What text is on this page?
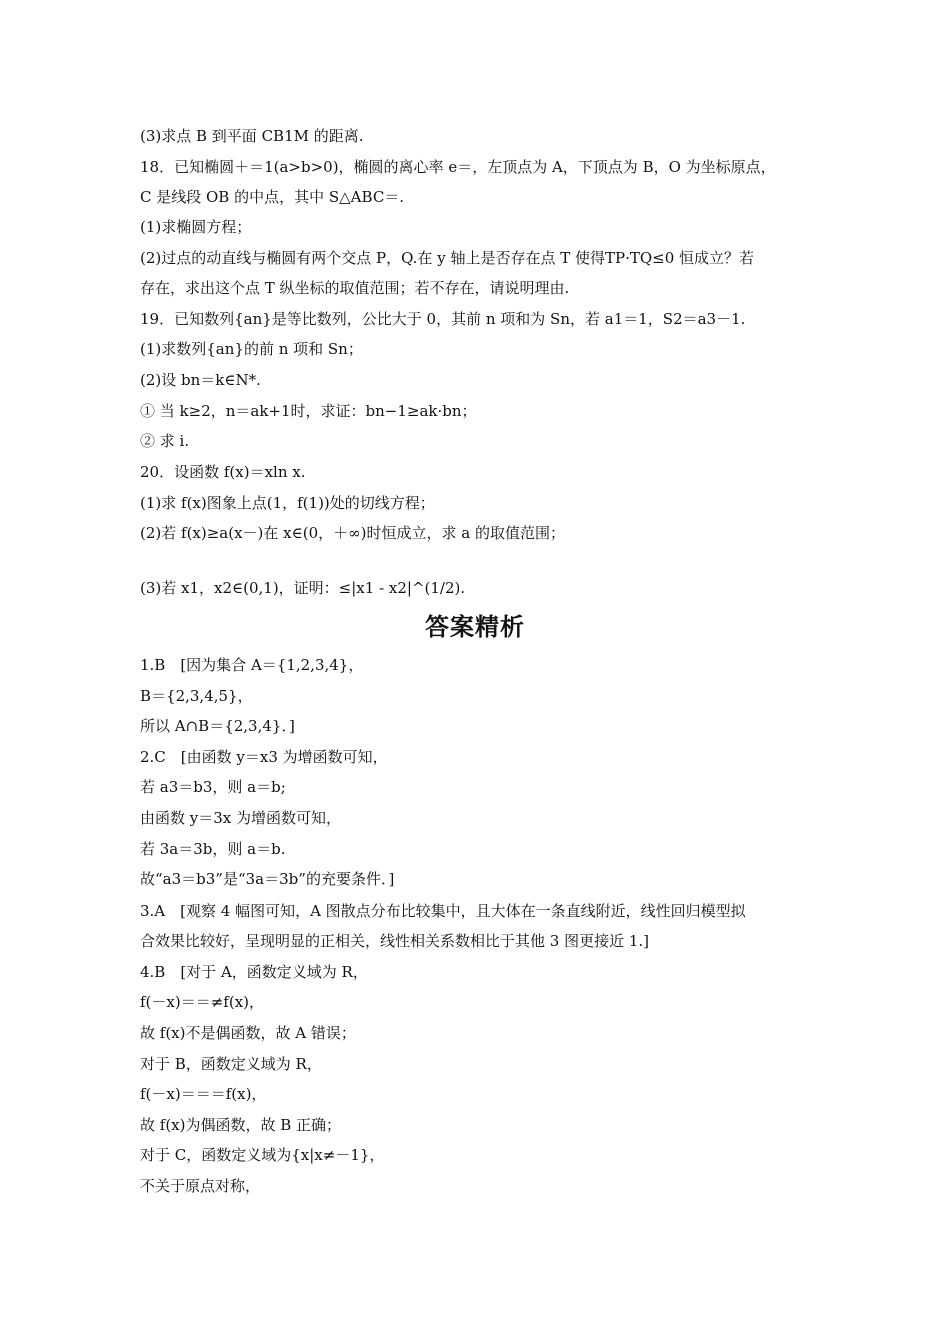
(3)求点 B 到平面 CB1M 的距离.
18．已知椭圆＋＝1(a>b>0)，椭圆的离心率 e＝，左顶点为 A，下顶点为 B，O 为坐标原点，
C 是线段 OB 的中点，其中 S△ABC＝.
(1)求椭圆方程；
(2)过点的动直线与椭圆有两个交点 P，Q.在 y 轴上是否存在点 T 使得TP·TQ≤0 恒成立？若
存在，求出这个点 T 纵坐标的取值范围；若不存在，请说明理由.
19．已知数列{an}是等比数列，公比大于 0，其前 n 项和为 Sn，若 a1＝1，S2＝a3－1.
(1)求数列{an}的前 n 项和 Sn；
(2)设 bn＝k∈N*.
① 当 k≥2，n＝ak+1时，求证：bn−1≥ak·bn；
② 求 i.
20．设函数 f(x)＝xln x.
(1)求 f(x)图象上点(1，f(1))处的切线方程；
(2)若 f(x)≥a(x－)在 x∈(0，＋∞)时恒成立，求 a 的取值范围；
(3)若 x1，x2∈(0,1)，证明：≤|x1 - x2|^(1/2).
答案精析
1.B　[因为集合 A＝{1,2,3,4}，
B＝{2,3,4,5}，
所以 A∩B＝{2,3,4}．]
2.C　[由函数 y＝x3 为增函数可知，
若 a3＝b3，则 a＝b;
由函数 y＝3x 为增函数可知，
若 3a＝3b，则 a＝b.
故“a3＝b3”是“3a＝3b”的充要条件．]
3.A　[观察 4 幅图可知，A 图散点分布比较集中，且大体在一条直线附近，线性回归模型拟
合效果比较好，呈现明显的正相关，线性相关系数相比于其他 3 图更接近 1.]
4.B　[对于 A，函数定义域为 R，
f(－x)＝＝≠f(x)，
故 f(x)不是偶函数，故 A 错误；
对于 B，函数定义域为 R，
f(－x)＝＝＝f(x)，
故 f(x)为偶函数，故 B 正确；
对于 C，函数定义域为{x|x≠－1}，
不关于原点对称，
